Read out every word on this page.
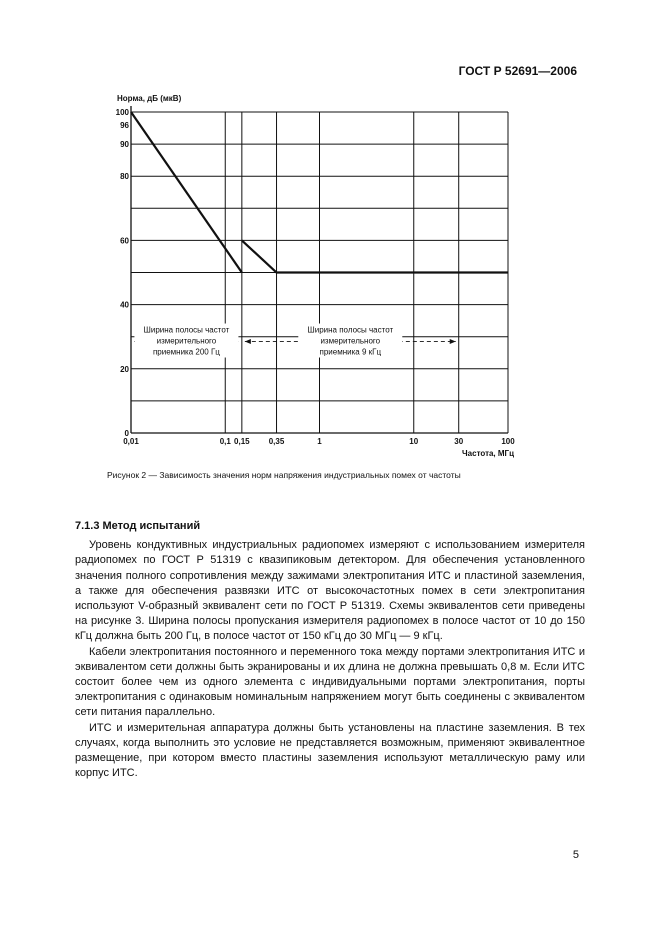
ГОСТ Р 52691—2006
Ширина полосы частот
измерительного
приемника 200 Гц
Ширина полосы частот
измерительного
приемника 9 кГц
0
20
40
60
80
90
96
100
0,01	0,1 0,15 0,35	1	10	30	100
Норма, дБ (мкВ)
Частота, МГц
Рисунок 2 — Зависимость значения норм напряжения индустриальных помех от частоты
7.1.3 Метод испытаний

Уровень кондуктивных индустриальных радиопомех измеряют с использованием измерителя радиопомех по ГОСТ Р 51319 с квазипиковым детектором. Для обеспечения установленного значения полного сопротивления между зажимами электропитания ИТС и пластиной заземления, а также для обеспечения развязки ИТС от высокочастотных помех в сети электропитания используют V-образный эквивалент сети по ГОСТ Р 51319. Схемы эквивалентов сети приведены на рисунке 3. Ширина полосы пропускания измерителя радиопомех в полосе частот от 10 до 150 кГц должна быть 200 Гц, в полосе частот от 150 кГц до 30 МГц — 9 кГц.

Кабели электропитания постоянного и переменного тока между портами электропитания ИТС и эквивалентом сети должны быть экранированы и их длина не должна превышать 0,8 м. Если ИТС состоит более чем из одного элемента с индивидуальными портами электропитания, порты электропитания с одинаковым номинальным напряжением могут быть соединены с эквивалентом сети питания параллельно.

ИТС и измерительная аппаратура должны быть установлены на пластине заземления. В тех случаях, когда выполнить это условие не представляется возможным, применяют эквивалентное размещение, при котором вместо пластины заземления используют металлическую раму или корпус ИТС.

5
